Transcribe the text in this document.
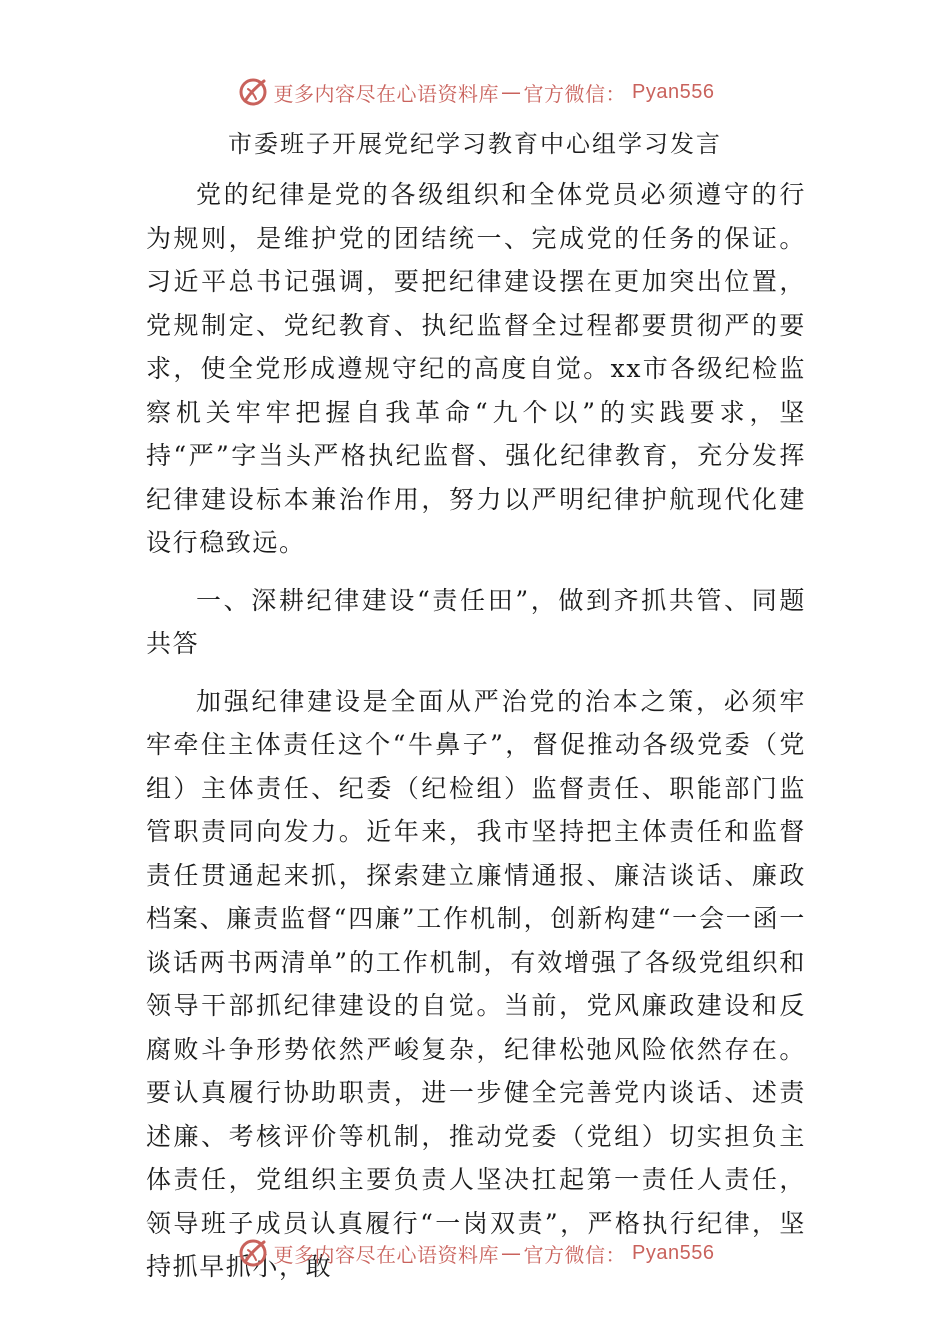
更多内容尽在心语资料库 — 官方微信： Pyan556
市委班子开展党纪学习教育中心组学习发言

党的纪律是党的各级组织和全体党员必须遵守的行为规则，是维护党的团结统一、完成党的任务的保证。习近平总书记强调，要把纪律建设摆在更加突出位置，党规制定、党纪教育、执纪监督全过程都要贯彻严的要求，使全党形成遵规守纪的高度自觉。xx市各级纪检监察机关牢牢把握自我革命“九个以”的实践要求，坚持“严”字当头严格执纪监督、强化纪律教育，充分发挥纪律建设标本兼治作用，努力以严明纪律护航现代化建设行稳致远。

一、深耕纪律建设“责任田”，做到齐抓共管、同题共答

加强纪律建设是全面从严治党的治本之策，必须牢牢牵住主体责任这个“牛鼻子”，督促推动各级党委（党组）主体责任、纪委（纪检组）监督责任、职能部门监管职责同向发力。近年来，我市坚持把主体责任和监督责任贯通起来抓，探索建立廉情通报、廉洁谈话、廉政档案、廉责监督“四廉”工作机制，创新构建“一会一函一谈话两书两清单”的工作机制，有效增强了各级党组织和领导干部抓纪律建设的自觉。当前，党风廉政建设和反腐败斗争形势依然严峻复杂，纪律松弛风险依然存在。要认真履行协助职责，进一步健全完善党内谈话、述责述廉、考核评价等机制，推动党委（党组）切实担负主体责任，党组织主要负责人坚决扛起第一责任人责任，领导班子成员认真履行“一岗双责”，严格执行纪律，坚持抓早抓小，敢

更多内容尽在心语资料库 — 官方微信： Pyan556
